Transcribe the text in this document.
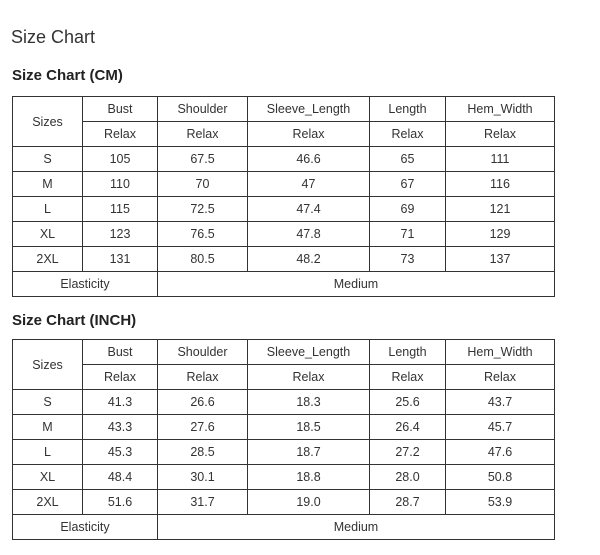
Size Chart
Size Chart (CM)
Sizes	Bust	Shoulder	Sleeve_Length	Length	Hem_Width
	Relax	Relax	Relax	Relax	Relax
S	105	67.5	46.6	65	111
M	110	70	47	67	116
L	115	72.5	47.4	69	121
XL	123	76.5	47.8	71	129
2XL	131	80.5	48.2	73	137
Elasticity		Medium			
Size Chart (INCH)
Sizes	Bust	Shoulder	Sleeve_Length	Length	Hem_Width
	Relax	Relax	Relax	Relax	Relax
S	41.3	26.6	18.3	25.6	43.7
M	43.3	27.6	18.5	26.4	45.7
L	45.3	28.5	18.7	27.2	47.6
XL	48.4	30.1	18.8	28.0	50.8
2XL	51.6	31.7	19.0	28.7	53.9
Elasticity		Medium			
